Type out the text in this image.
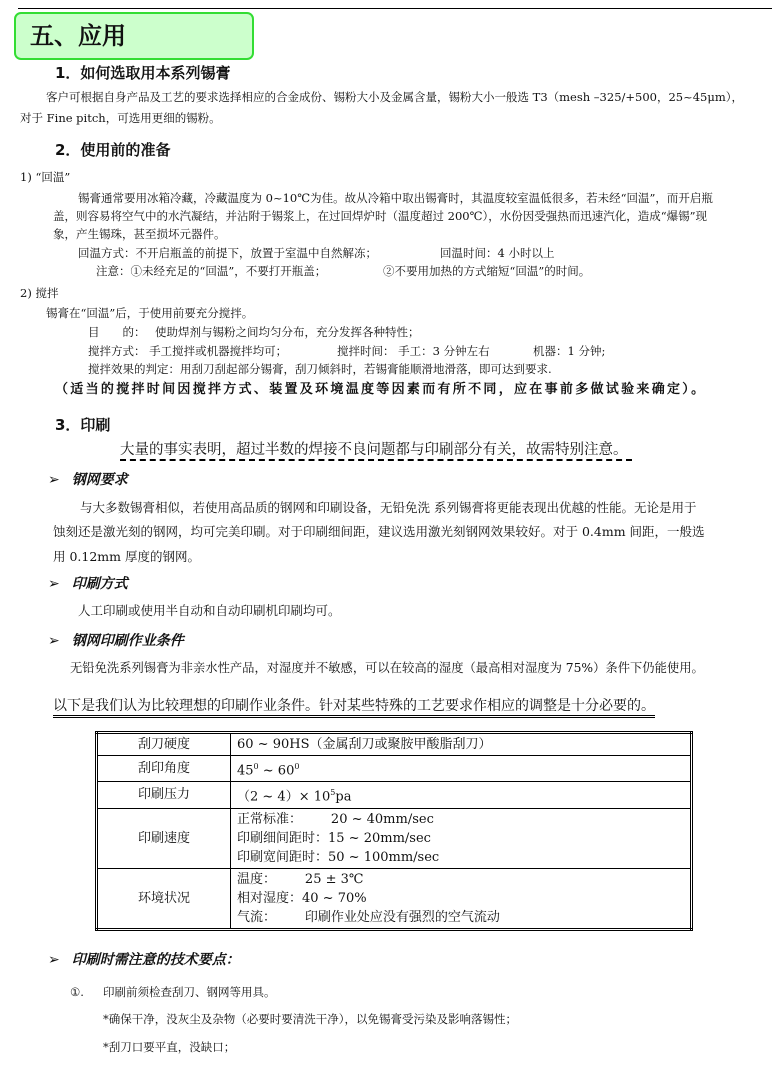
五、应用
1．如何选取用本系列锡膏
客户可根据自身产品及工艺的要求选择相应的合金成份、锡粉大小及金属含量，锡粉大小一般选 T3（mesh –325/+500，25~45μm），
对于 Fine pitch，可选用更细的锡粉。
2．使用前的准备
1) “回温”
锡膏通常要用冰箱冷藏，冷藏温度为 0~10℃为佳。故从冷箱中取出锡膏时，其温度较室温低很多，若未经“回温”，而开启瓶
盖，则容易将空气中的水汽凝结，并沾附于锡浆上，在过回焊炉时（温度超过 200℃），水份因受强热而迅速汽化，造成“爆锡”现
象，产生锡珠，甚至损坏元器件。
回温方式：不开启瓶盖的前提下，放置于室温中自然解冻；	回温时间：4 小时以上
注意：①未经充足的“回温”，不要打开瓶盖；	②不要用加热的方式缩短“回温”的时间。
2) 搅拌
锡膏在“回温”后，于使用前要充分搅拌。
目　　的： 使助焊剂与锡粉之间均匀分布，充分发挥各种特性；
搅拌方式： 手工搅拌或机器搅拌均可；	搅拌时间： 手工：3 分钟左右	机器：1 分钟;
搅拌效果的判定：用刮刀刮起部分锡膏，刮刀倾斜时，若锡膏能顺滑地滑落，即可达到要求.
（适当的搅拌时间因搅拌方式、装置及环境温度等因素而有所不同，应在事前多做试验来确定）。
3．印刷
大量的事实表明，超过半数的焊接不良问题都与印刷部分有关，故需特别注意。
➢ 钢网要求
与大多数锡膏相似，若使用高品质的钢网和印刷设备，无铅免洗 系列锡膏将更能表现出优越的性能。无论是用于
蚀刻还是激光刻的钢网，均可完美印刷。对于印刷细间距，建议选用激光刻钢网效果较好。对于 0.4mm 间距，一般选
用 0.12mm 厚度的钢网。
➢ 印刷方式
人工印刷或使用半自动和自动印刷机印刷均可。
➢ 钢网印刷作业条件
无铅免洗系列锡膏为非亲水性产品，对湿度并不敏感，可以在较高的湿度（最高相对湿度为 75%）条件下仍能使用。
以下是我们认为比较理想的印刷作业条件。针对某些特殊的工艺要求作相应的调整是十分必要的。
刮刀硬度	60 ~ 90HS（金属刮刀或聚胺甲酸脂刮刀）
刮印角度	$45^0$ ~ $60^0$
印刷压力	（2 ~ $4)\times 10^5pa$
印刷速度	正常标准：       20 ~ 40mm/sec
印刷细间距时：15 ~ 20mm/sec
印刷宽间距时：50 ~ 100mm/sec

环境状况	温度：       25 ± 3℃
相对湿度：40 ~ 70%
气流：       印刷作业处应没有强烈的空气流动
➢ 印刷时需注意的技术要点：
①. 印刷前须检查刮刀、钢网等用具。
*确保干净，没灰尘及杂物（必要时要清洗干净），以免锡膏受污染及影响落锡性；
*刮刀口要平直，没缺口；
